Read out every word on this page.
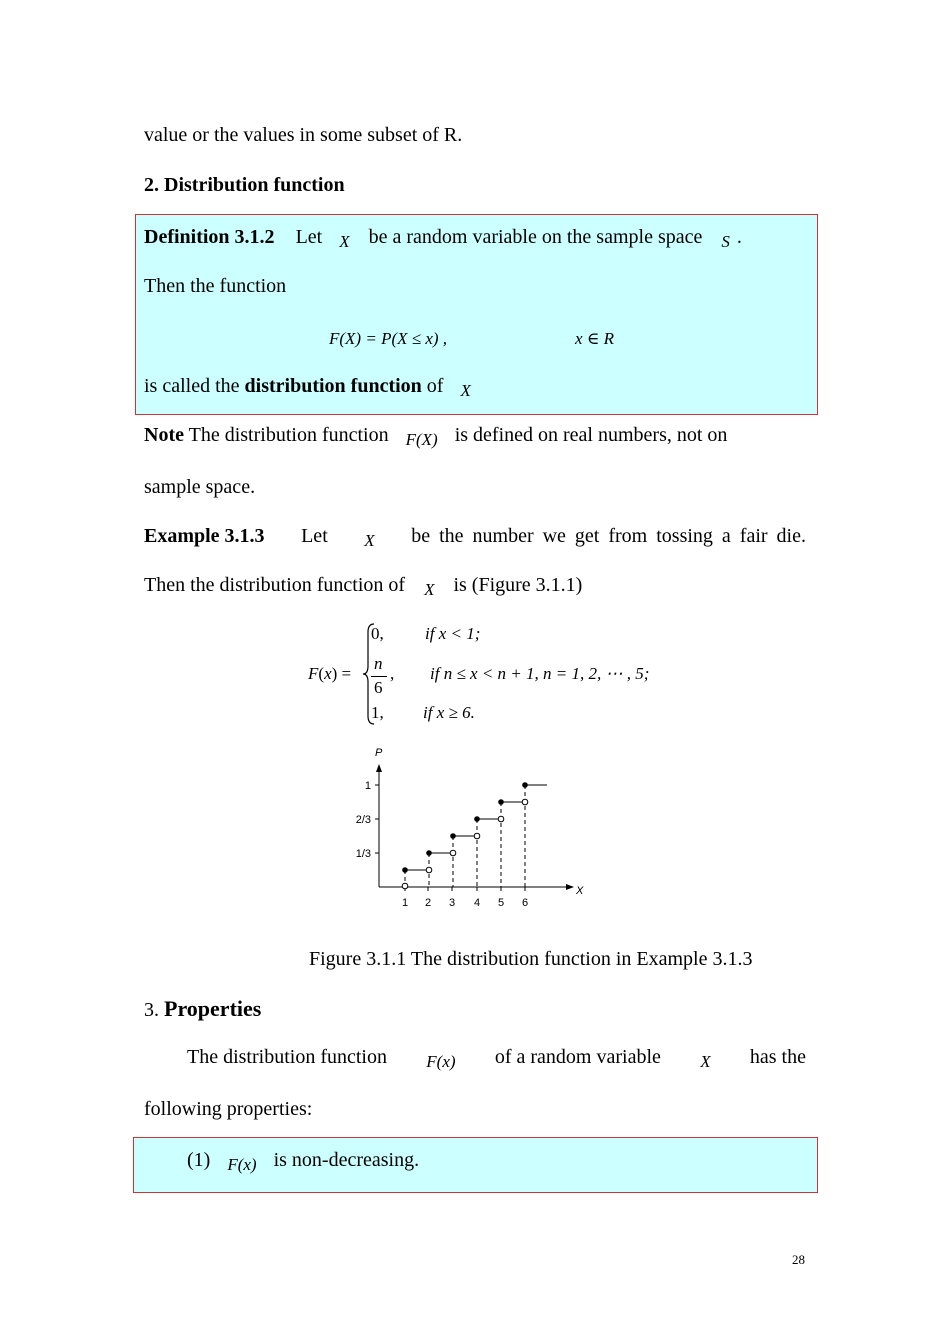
value or the values in some subset of R.
2. Distribution function
Definition 3.1.2 Let $_X$ be a random variable on the sample space $_S$ .
Then the function
F(X) = P(X ≤ x) ,	x ∈ R
is called the distribution function of $_X$
Note The distribution function $_{F(X)}$ is defined on real numbers, not on
sample space.
Example 3.1.3 Let X be the number we get from tossing a fair die.
Then the distribution function of $_X$ is (Figure 3.1.1)
F(x) =
0, if x < 1;
n
6
, if n ≤ x < n + 1, n = 1, 2, ⋯ , 5;
1, if x ≥ 6.
P
X
1/3
2/3
1
1 2 3 4 5 6
Figure 3.1.1 The distribution function in Example 3.1.3
3. Properties
The distribution function F(x) of a random variable X has the
following properties:
(1) $_{F(x)}$ is non-decreasing.
28
